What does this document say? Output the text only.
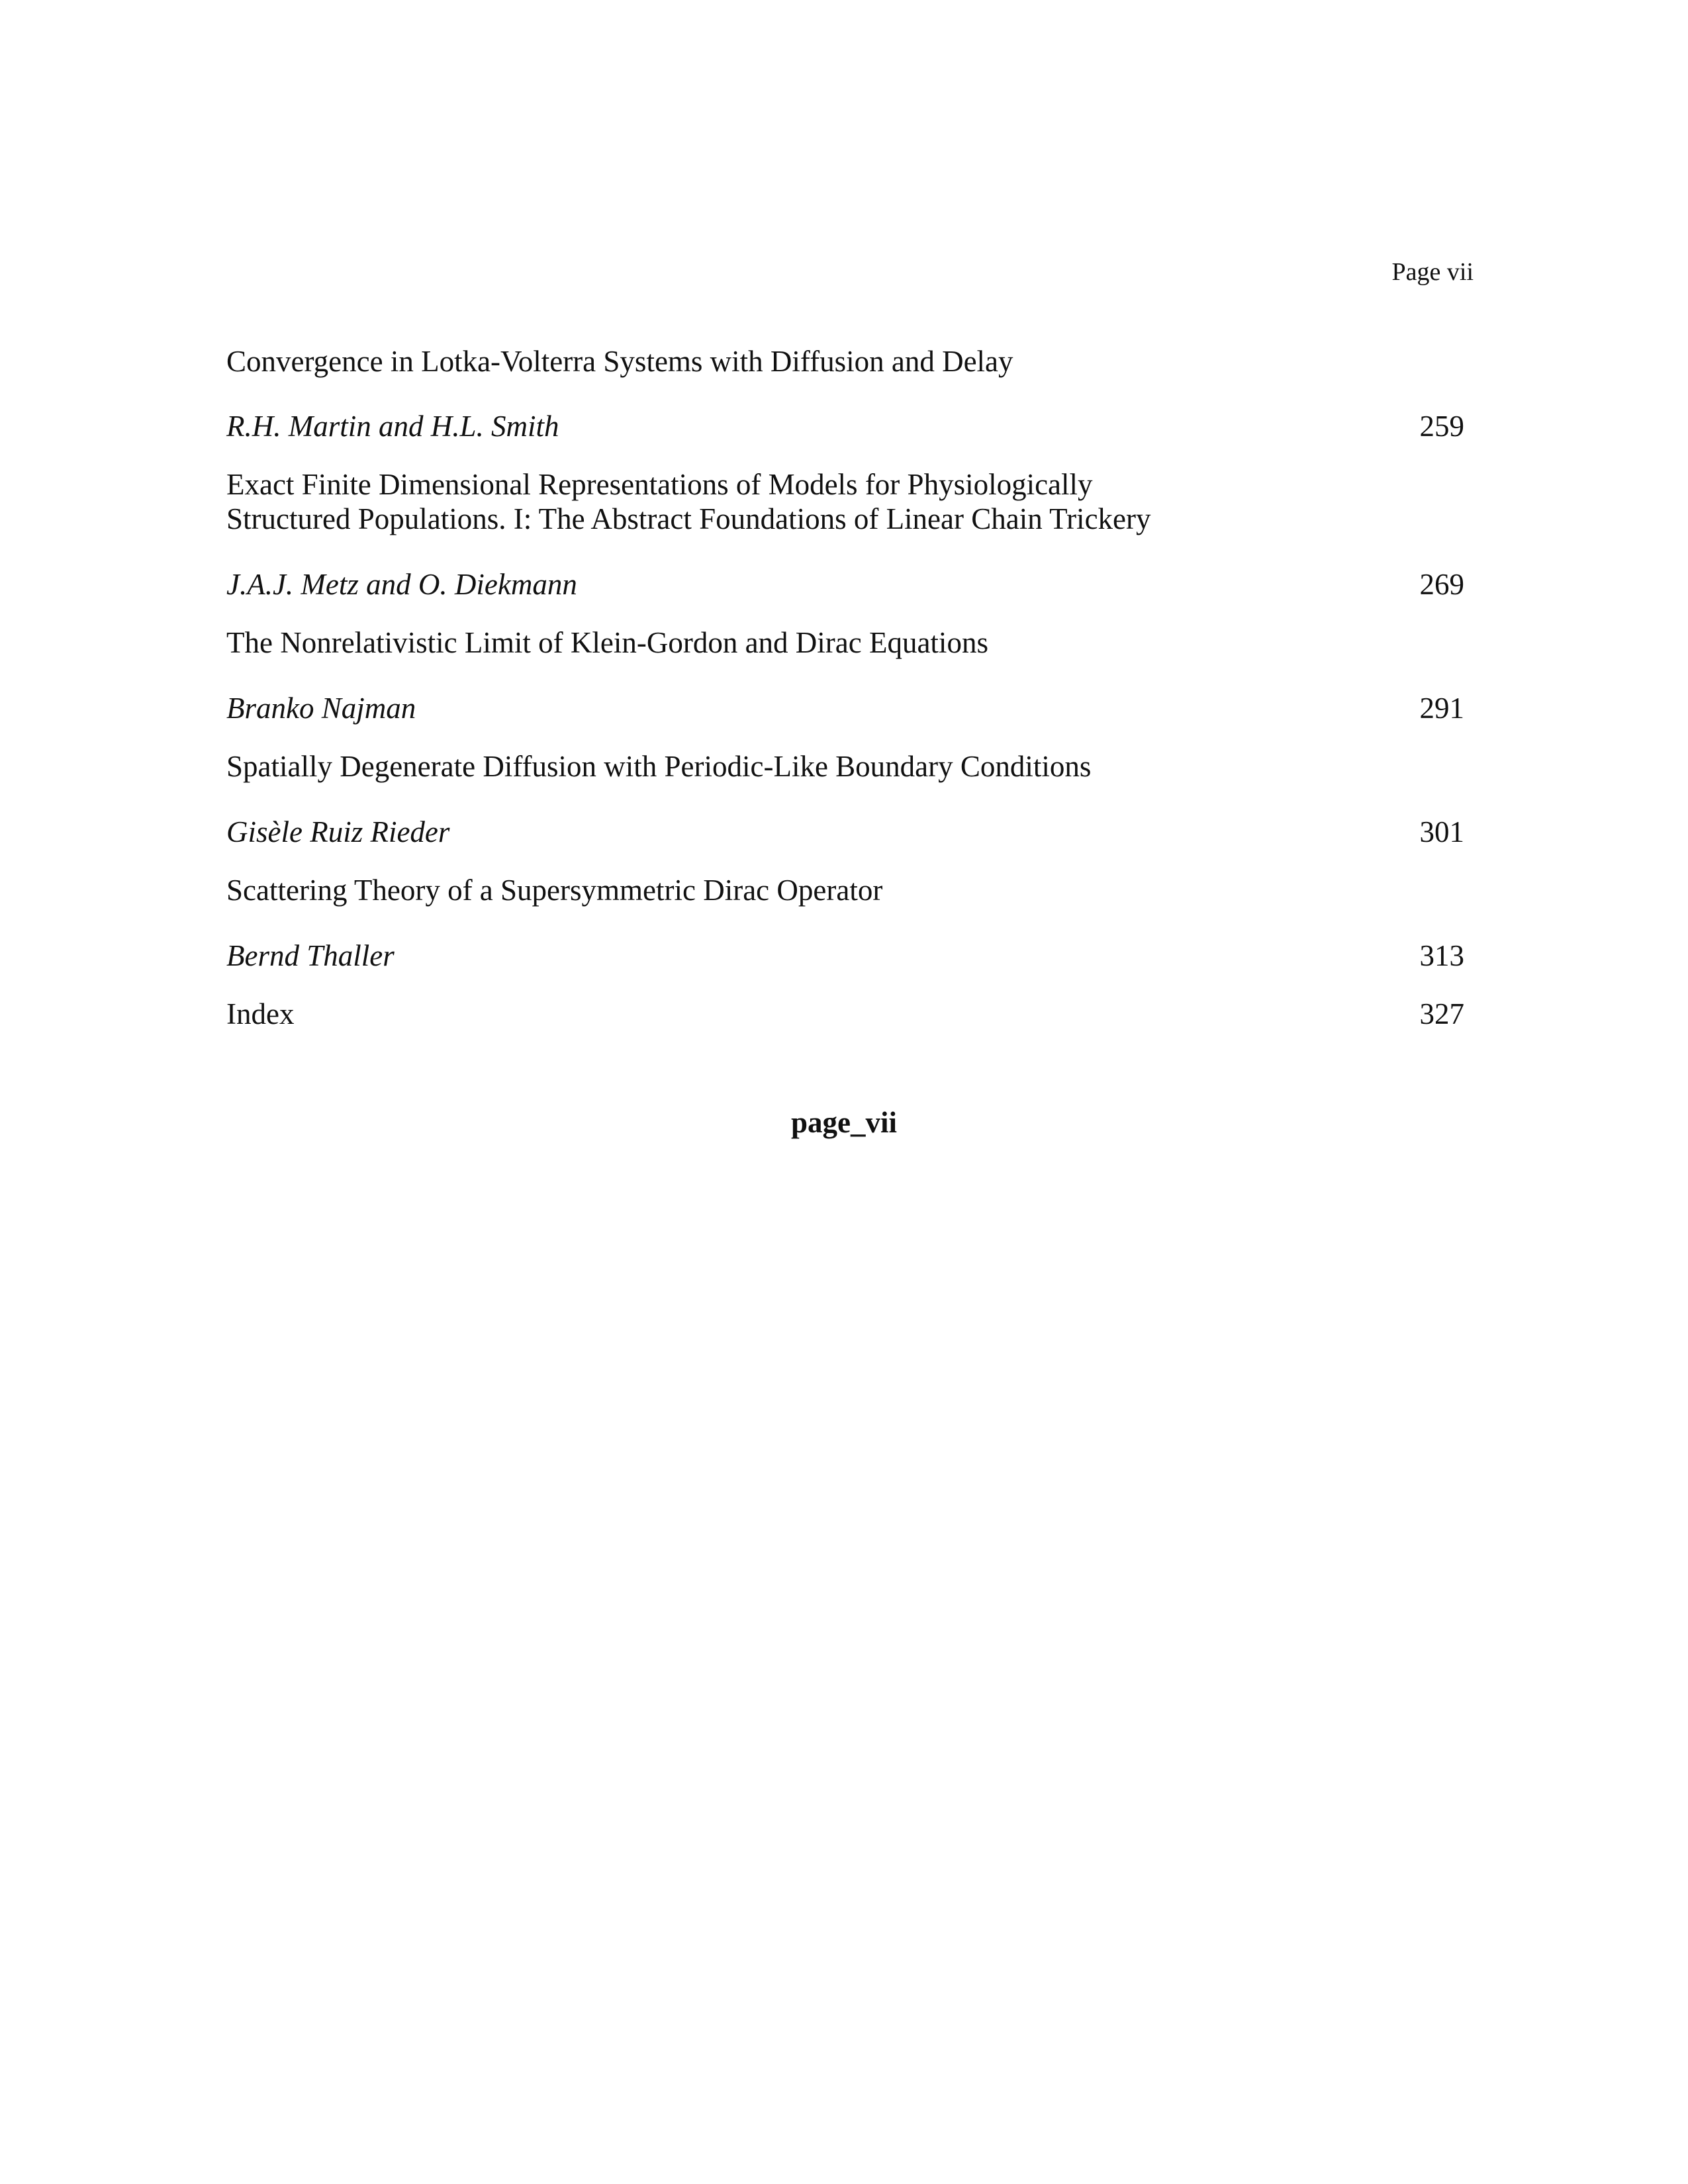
Page vii
Convergence in Lotka-Volterra Systems with Diffusion and Delay
R.H. Martin and H.L. Smith	259
Exact Finite Dimensional Representations of Models for Physiologically
Structured Populations. I: The Abstract Foundations of Linear Chain Trickery
J.A.J. Metz and O. Diekmann	269
The Nonrelativistic Limit of Klein-Gordon and Dirac Equations
Branko Najman	291
Spatially Degenerate Diffusion with Periodic-Like Boundary Conditions
Gisèle Ruiz Rieder	301
Scattering Theory of a Supersymmetric Dirac Operator
Bernd Thaller	313
Index	327
page_vii
